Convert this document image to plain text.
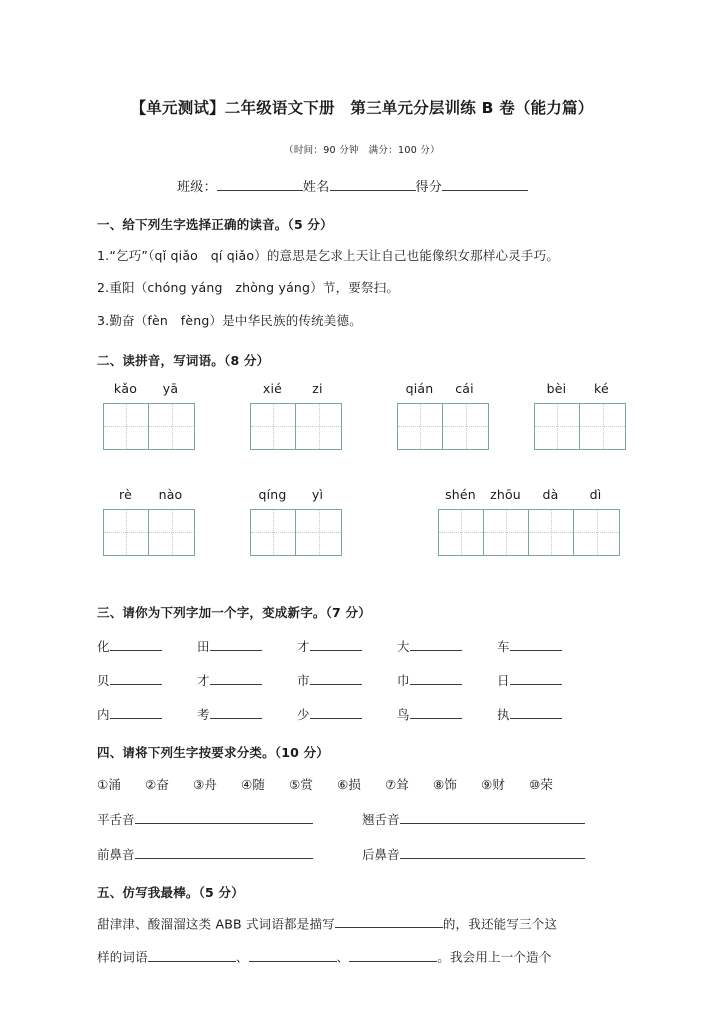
【单元测试】二年级语文下册　第三单元分层训练 B 卷（能力篇）
（时间：90 分钟　满分：100 分）
班级：	姓名	得分
一、给下列生字选择正确的读音。（5 分）
1.“乞巧”（qǐ qiǎo　qí qiǎo）的意思是乞求上天让自己也能像织女那样心灵手巧。
2.重阳（chóng yáng　zhòng yáng）节，要祭扫。
3.勤奋（fèn　fèng）是中华民族的传统美德。
二、读拼音，写词语。（8 分）
kǎo	yā	xié	zi	qián	cái	bèi	ké
rè	nào	qíng	yì	shén	zhōu	dà	dì
三、请你为下列字加一个字，变成新字。（7 分）
化	田	才	大	车
贝	才	市	巾	日
内	考	少	鸟	执
四、请将下列生字按要求分类。（10 分）
①涌	②奋	③舟	④随	⑤赏	⑥损	⑦耸	⑧饰	⑨财	⑩荣
平舌音	翘舌音
前鼻音	后鼻音
五、仿写我最棒。（5 分）
甜津津、酸溜溜这类 ABB 式词语都是描写	的，我还能写三个这
样的词语	、	、	。我会用上一个造个
